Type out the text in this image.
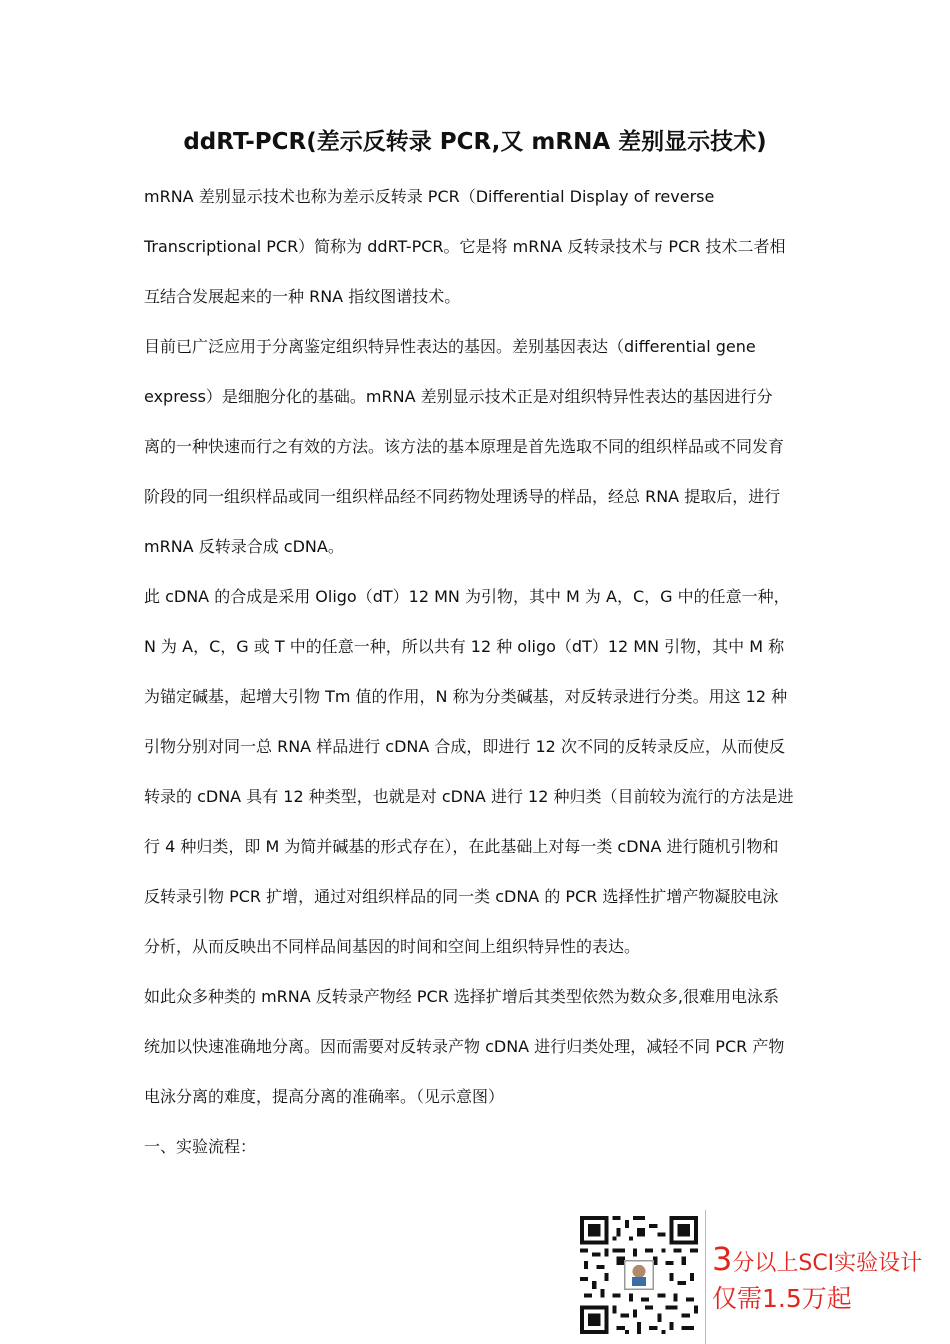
ddRT-PCR(差示反转录 PCR,又 mRNA 差别显示技术)

mRNA 差别显示技术也称为差示反转录 PCR（Differential Display of reverse

Transcriptional PCR）简称为 ddRT-PCR。它是将 mRNA 反转录技术与 PCR 技术二者相

互结合发展起来的一种 RNA 指纹图谱技术。

目前已广泛应用于分离鉴定组织特异性表达的基因。差别基因表达（differential gene

express）是细胞分化的基础。mRNA 差别显示技术正是对组织特异性表达的基因进行分

离的一种快速而行之有效的方法。该方法的基本原理是首先选取不同的组织样品或不同发育

阶段的同一组织样品或同一组织样品经不同药物处理诱导的样品，经总 RNA 提取后，进行

mRNA 反转录合成 cDNA。

此 cDNA 的合成是采用 Oligo（dT）12 MN 为引物，其中 M 为 A，C，G 中的任意一种，

N 为 A，C，G 或 T 中的任意一种，所以共有 12 种 oligo（dT）12 MN 引物，其中 M 称

为锚定碱基，起增大引物 Tm 值的作用，N 称为分类碱基，对反转录进行分类。用这 12 种

引物分别对同一总 RNA 样品进行 cDNA 合成，即进行 12 次不同的反转录反应，从而使反

转录的 cDNA 具有 12 种类型，也就是对 cDNA 进行 12 种归类（目前较为流行的方法是进

行 4 种归类，即 M 为简并碱基的形式存在），在此基础上对每一类 cDNA 进行随机引物和

反转录引物 PCR 扩增，通过对组织样品的同一类 cDNA 的 PCR 选择性扩增产物凝胶电泳

分析，从而反映出不同样品间基因的时间和空间上组织特异性的表达。

如此众多种类的 mRNA 反转录产物经 PCR 选择扩增后其类型依然为数众多,很难用电泳系

统加以快速准确地分离。因而需要对反转录产物 cDNA 进行归类处理，减轻不同 PCR 产物

电泳分离的难度，提高分离的准确率。（见示意图）

一、实验流程：

3分以上SCI实验设计
仅需1.5万起
